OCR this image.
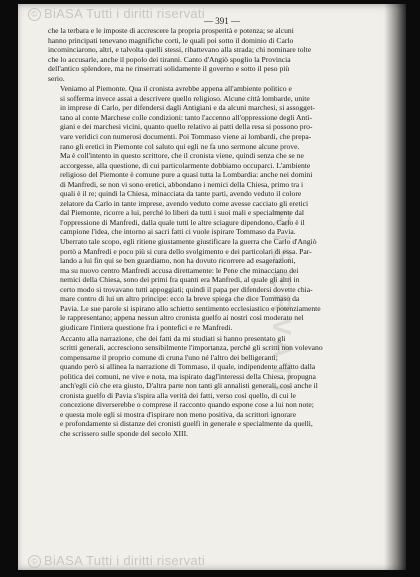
© BiASA Tutti i diritti riservati
RISERVATI
— 391 —

che la terbara e le imposte di accrescere la propria prosperità e potenza; se alcuni
hanno principati tenevano magnifiche corti, le quali poi sotto il dominio di Carlo
incominciarono, altri, e talvolta quelli stessi, ribattevano alla strada; chi nominare tolte
che lo accusarle, anche il popolo dei tiranni. Canto d'Angiò spoglio la Provincia
dell'antico splendore, ma ne rinserrati solidamente il governo e sotto il peso più
serio.

Veniamo al Piemonte. Qua il cronista avrebbe appena all'ambiente politico e
si sofferma invece assai a descrivere quello religioso. Alcune città lombarde, unite
in imprese di Carlo, per difendersi dagli Antigiani e da alcuni marchesi, si assogget-
tano al conte Marchese colle condizioni: tanto l'accenno all'oppressione degli Antì-
giani e dei marchesi vicini, quanto quello relativo ai patti della resa si possono pro-
vare veridici con numerosi documenti. Poi Tommaso viene ai lombardi, che prepa-
rano gli eretici in Piemonte col saluto qui egli ne fa uno sermone alcune prove.
Ma è coll'intento in questo scrittore, che il cronista viene, quindi senza che se ne
accorgesse, alla questione, di cui particolarmente dobbiamo occuparci. L'ambiente
religioso del Piemonte è comune pure a quasi tutta la Lombardia: anche nei domini
di Manfredi, se non vi sono eretici, abbondano i nemici della Chiesa, primo tra i
quali è il re; quindi la Chiesa, minacciata da tante parti, avendo veduto il colore
zelatore da Carlo in tante imprese, avendo veduto come avesse cacciato gli eretici
dal Piemonte, ricorre a lui, perché lo liberi da tutti i suoi mali e specialmente dal
l'oppressione di Manfredi, dalla quale tutti le altre sciagure dipendono. Carlo è il
campione l'idea, che intorno ai sacri fatti ci vuole ispirare Tommaso da Pavia.
Uberrato tale scopo, egli ritiene giustamente giustificare la guerra che Carlo d'Angiò
portò a Manfredi e poco più si cura dello svolgimento e dei particolari di essa. Par-
lando a lui fin qui se ben guardiamo, non ha dovuto ricorrere ad esagerazioni,
ma su nuovo centro Manfredi accusa direttamente: le Pene che minacciano dei
nemici della Chiesa, sono dei primi fra quanti era Manfredi, al quale gli altri in
certo modo si trovavano tutti appoggiati; quindi il papa per difendersi dovette chia-
mare contro di lui un altro principe: ecco la breve spiega che dice Tommaso da
Pavia. Le sue parole si ispirano allo schietto sentimento ecclesiastico e potenziamente
le rappresentano; appena nessun altro cronista guelfo ai nostri così moderato nel
giudicare l'intiera questione fra i pontefici e re Manfredi.

Accanto alla narrazione, che dei fatti da mi studiati si hanno presentato gli
scritti generali, accresciono sensibilmente l'importanza, perché gli scritti non volevano
compensarne il proprio comune di cruna l'uno né l'altro dei belligeranti;
quando però si allinea la narrazione di Tommaso, il quale, indipendente affatto dalla
politica dei comuni, ne vive e nota, ma ispirato dagl'interessi della Chiesa, propugna
anch'egli ciò che era giusto, D'altra parte non tanti gli annalisti generali, così anche il
cronista guelfo di Pavia s'ispira alla verità dei fatti, verso così quello, di cui le
concezione diverserebbe o comprese il racconto quando espone cose a lui non note;
e questa mole egli si mostra d'ispirare non meno positiva, da scrittori ignorare
e profondamente si distanze dei cronisti guelfi in generale e specialmente da quelli,
che scrissero sulle sponde del secolo XIII.

© BiASA Tutti i diritti riservati
